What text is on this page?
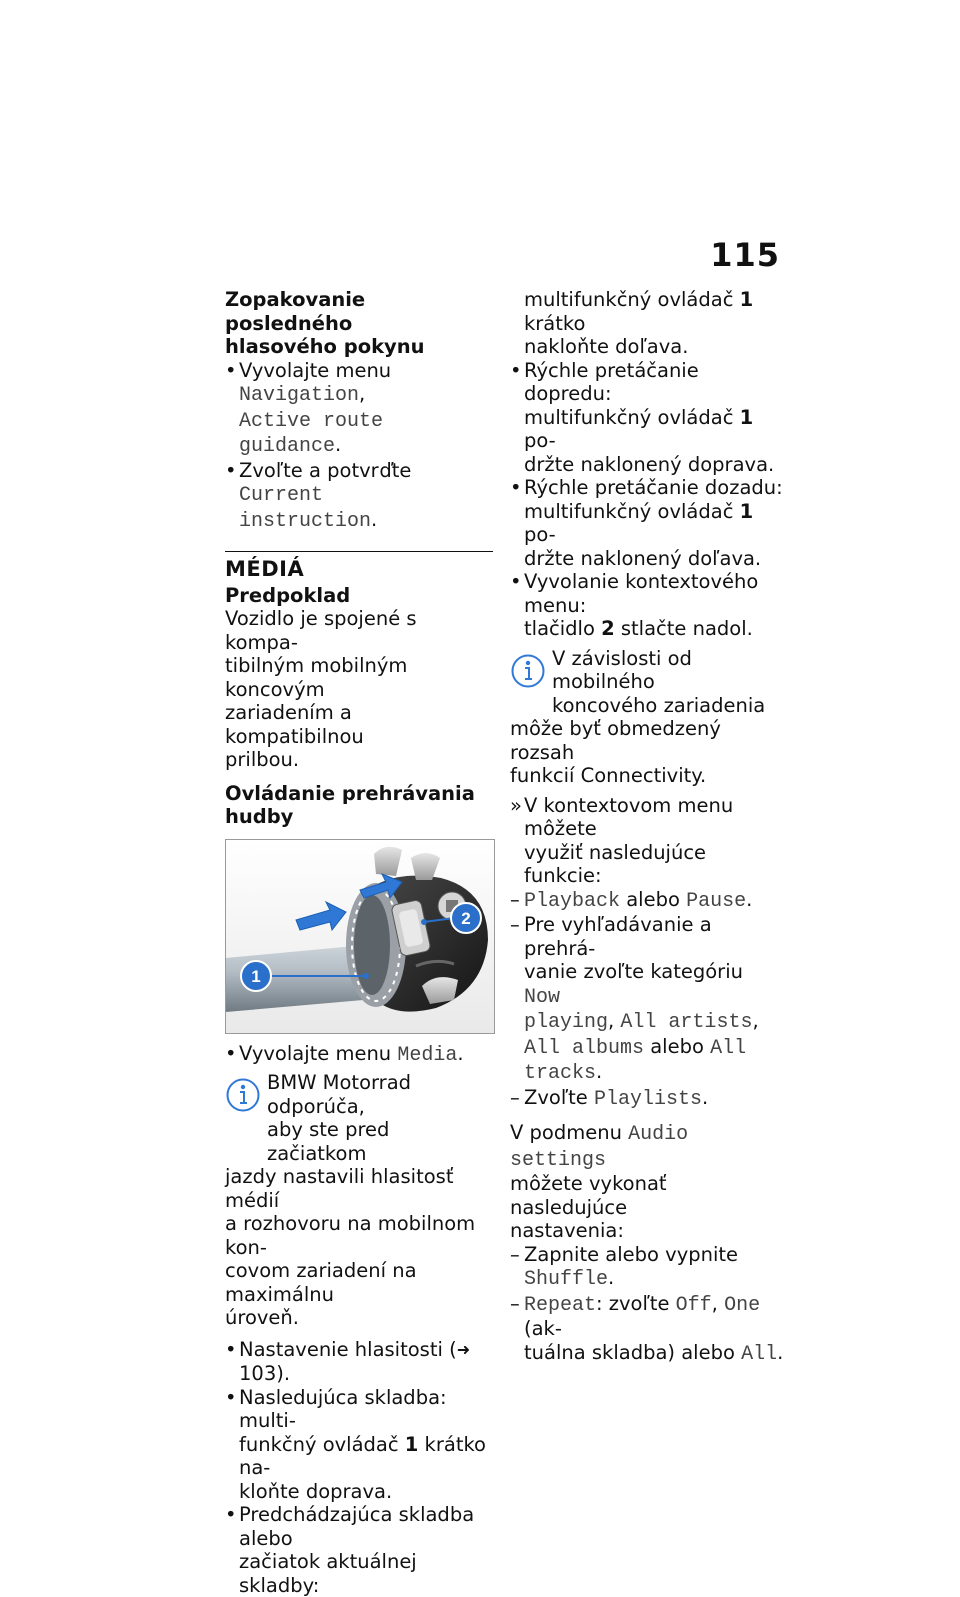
115

Zopakovanie posledného
hlasového pokynu

• Vyvolajte menu Navigation,
Active route guidance.

• Zvoľte a potvrďte Current
instruction.

MÉDIÁ

Predpoklad

Vozidlo je spojené s kompa-
tibilným mobilným koncovým
zariadením a kompatibilnou
prilbou.

Ovládanie prehrávania hudby

1
2

• Vyvolajte menu Media.

BMW Motorrad odporúča,

aby ste pred začiatkom

jazdy nastavili hlasitosť médií

a rozhovoru na mobilnom kon-

covom zariadení na maximálnu

úroveň.

• Nastavenie hlasitosti (➜ 103).

• Nasledujúca skladba: multi-
funkčný ovládač 1 krátko na-
kloňte doprava.

• Predchádzajúca skladba alebo
začiatok aktuálnej skladby:

multifunkčný ovládač 1 krátko
nakloňte doľava.

• Rýchle pretáčanie dopredu:
multifunkčný ovládač 1 po-
držte naklonený doprava.

• Rýchle pretáčanie dozadu:
multifunkčný ovládač 1 po-
držte naklonený doľava.

• Vyvolanie kontextového menu:
tlačidlo 2 stlačte nadol.

V závislosti od mobilného

koncového zariadenia

môže byť obmedzený rozsah

funkcií Connectivity.

» V kontextovom menu môžete
využiť nasledujúce funkcie:

– Playback alebo Pause.

– Pre vyhľadávanie a prehrá-
vanie zvoľte kategóriu Now
playing, All artists,
All albums alebo All
tracks.

– Zvoľte Playlists.

V podmenu Audio settings
môžete vykonať nasledujúce
nastavenia:

– Zapnite alebo vypnite
Shuffle.

– Repeat: zvoľte Off, One (ak-
tuálna skladba) alebo All.
